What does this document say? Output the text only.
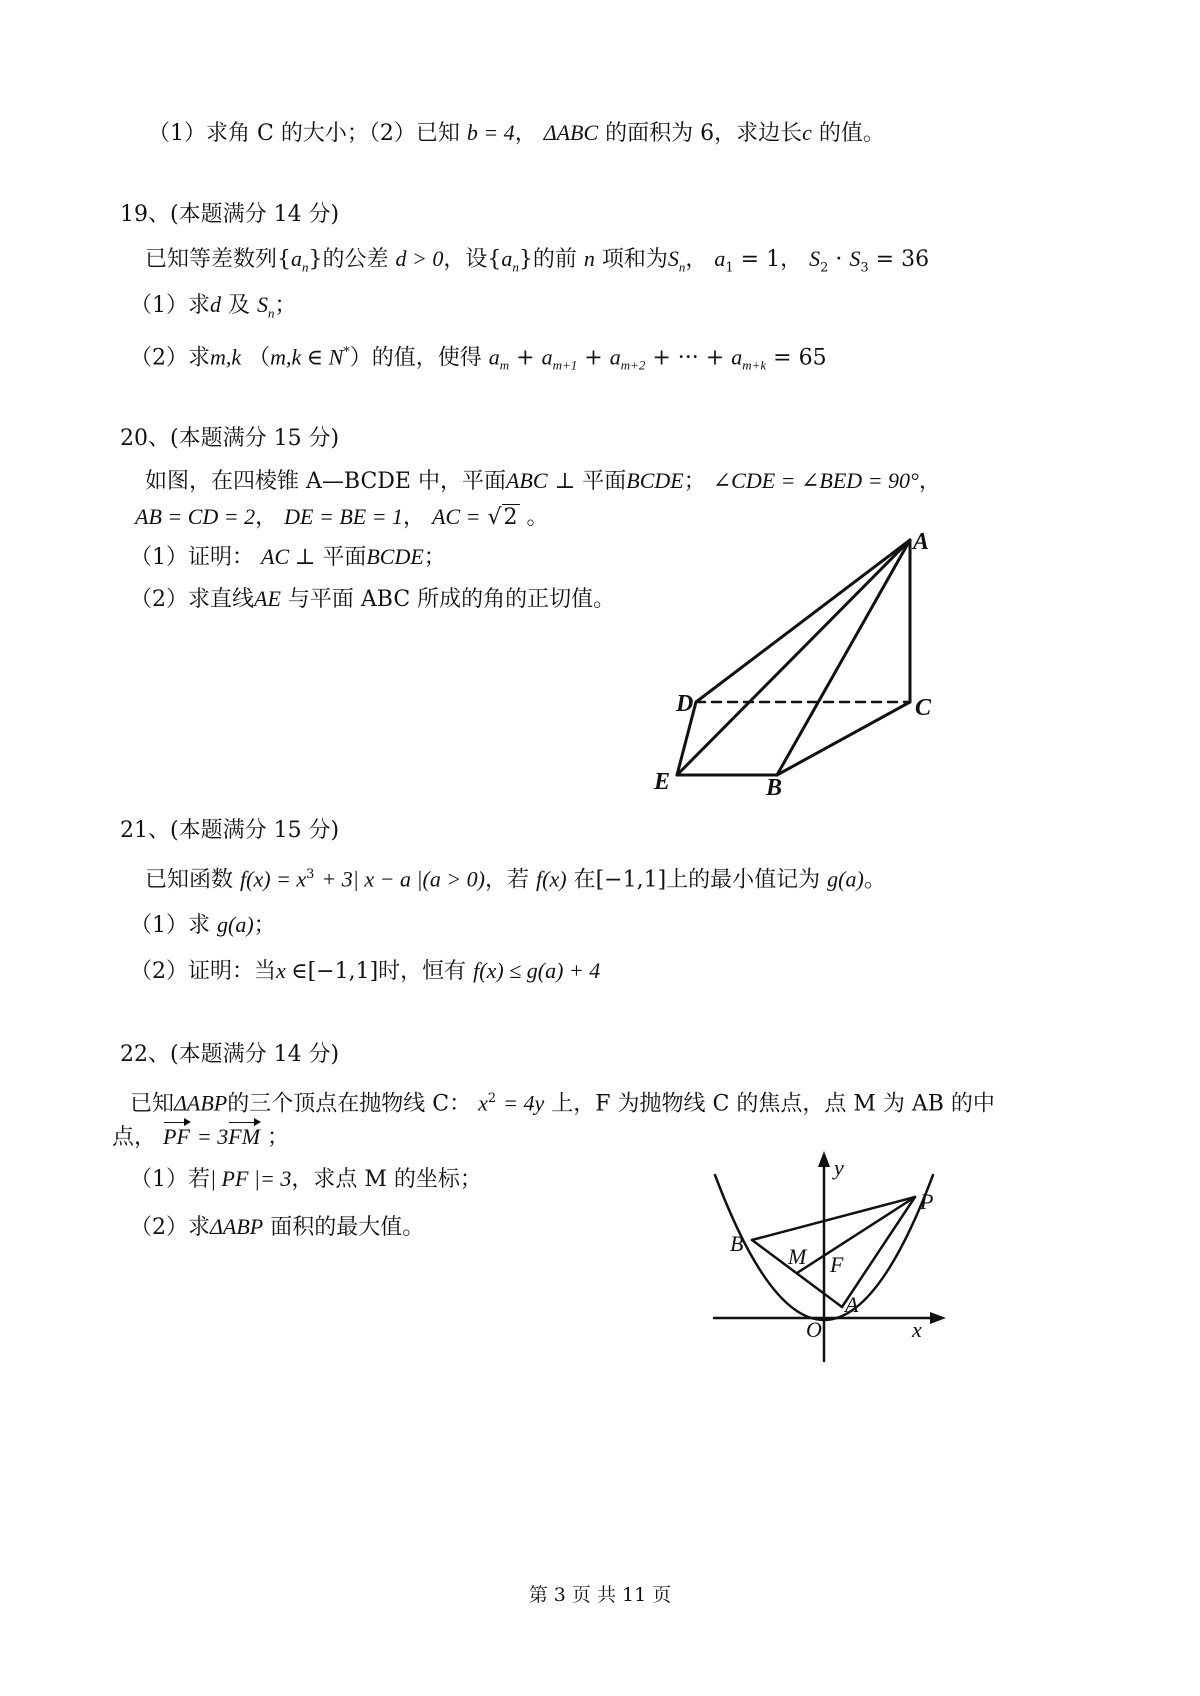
（1）求角 C 的大小；（2）已知 b = 4， ΔABC 的面积为 6，求边长c 的值。
19、(本题满分 14 分)
已知等差数列$\{a_n\}$的公差 d > 0，设$\{a_n\}$的前 n 项和为$S_n$， $a_1 = 1$， $S_2 \cdot S_3 = 36$
（1）求d 及 $S_n$；
（2）求m,k （m,k ∈ N*）的值，使得 $a_m + a_{m+1} + a_{m+2}$ + ··· + $a_{m+k} = 65$
20、(本题满分 15 分)
如图，在四棱锥 A—BCDE 中，平面ABC ⊥ 平面BCDE； ∠CDE = ∠BED = 90°，
AB = CD = 2， DE = BE = 1， AC = √2 。
（1）证明： AC ⊥ 平面BCDE；
（2）求直线AE 与平面 ABC 所成的角的正切值。
A
C
D
E	B
21、(本题满分 15 分)
已知函数 $f(x) = x^3 + 3|$ x − a |(a > 0)，若 f(x) 在[−1,1]上的最小值记为 g(a)。
（1）求 g(a)；
（2）证明：当x ∈[−1,1]时，恒有 f(x) ≤ g(a) + 4
22、(本题满分 14 分)
已知ΔABP的三个顶点在抛物线 C： $x^2 = 4y$ 上，F 为抛物线 C 的焦点，点 M 为 AB 的中
点， PF = 3FM ；
（1）若| PF |= 3，求点 M 的坐标；
（2）求ΔABP 面积的最大值。
y
P
B
M F
A
O	x
第 3 页 共 11 页
